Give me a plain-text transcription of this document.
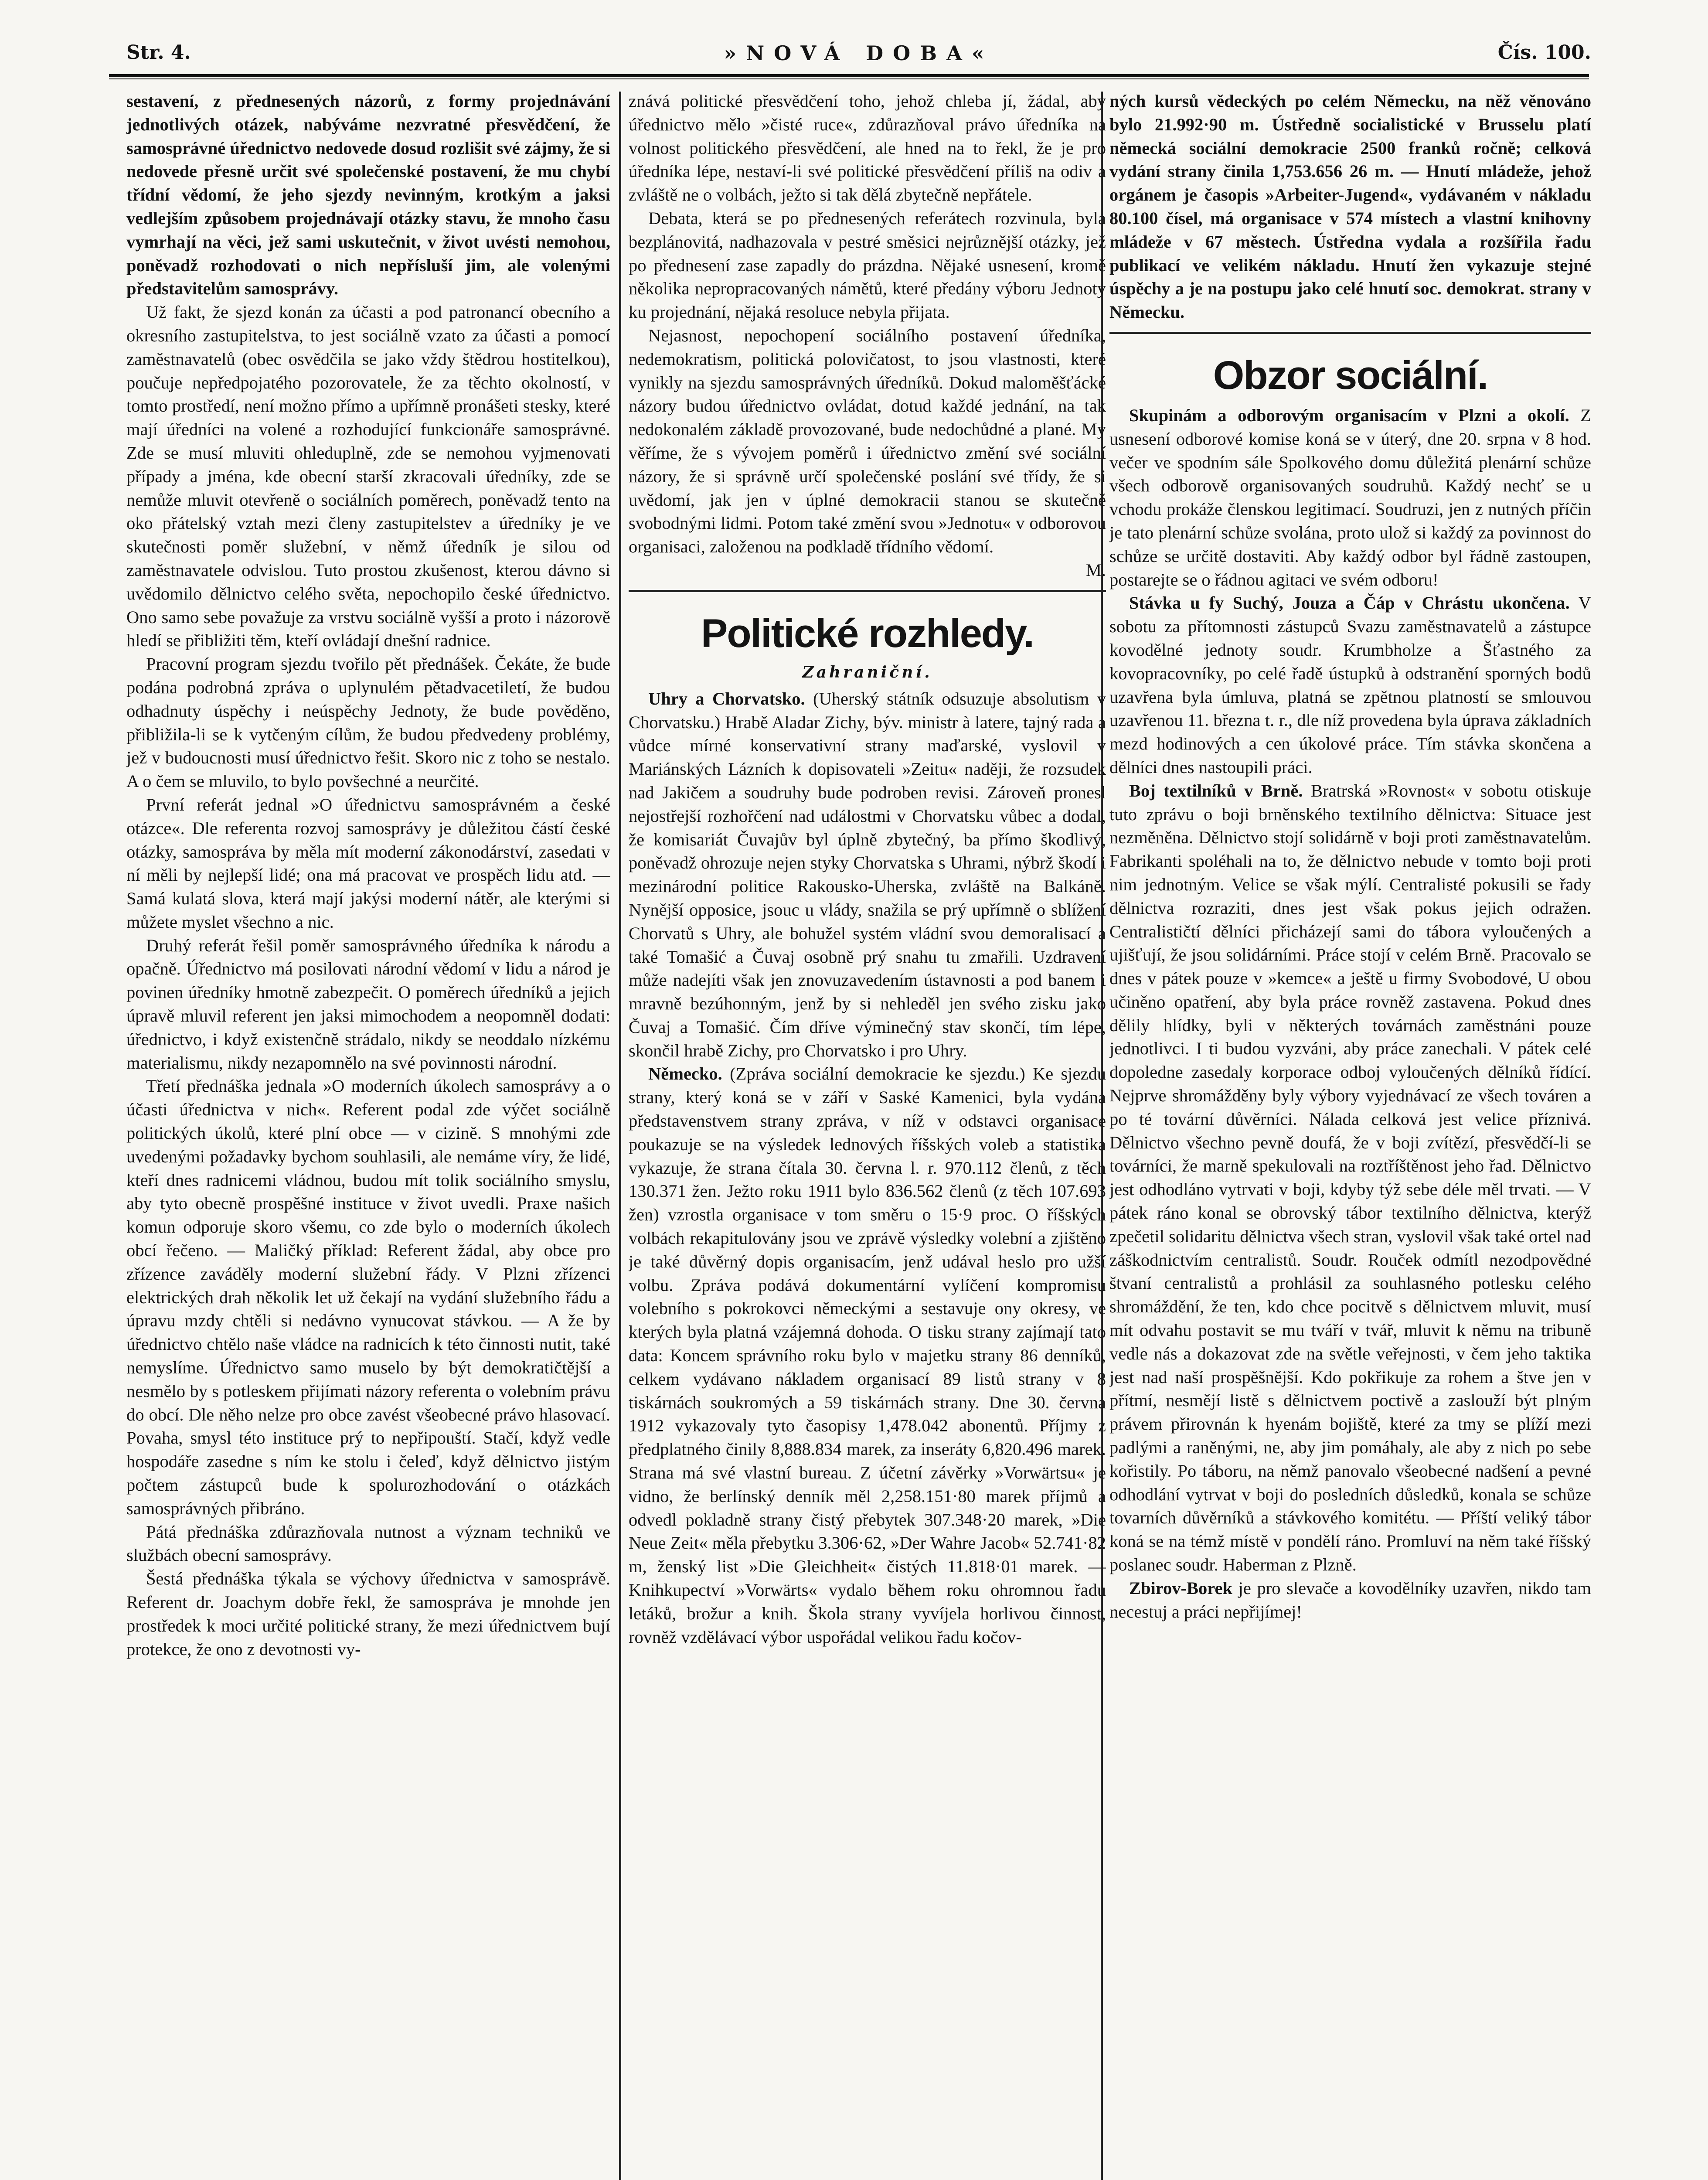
»NOVÁ DOBA«
Str. 4.	Čís. 100.

sestavení, z přednesených názorů, z formy projednávání jednotlivých otázek, nabýváme nezvratné přesvědčení, že samosprávné úřednictvo nedovede dosud rozlišit své zájmy, že si nedovede přesně určit své společenské postavení, že mu chybí třídní vědomí, že jeho sjezdy nevinným, krotkým a jaksi vedlejším způsobem projednávají otázky stavu, že mnoho času vymrhají na věci, jež sami uskutečnit, v život uvésti nemohou, poněvadž rozhodovati o nich nepřísluší jim, ale volenými představitelům samosprávy.

Už fakt, že sjezd konán za účasti a pod patronancí obecního a okresního zastupitelstva, to jest sociálně vzato za účasti a pomocí zaměstnavatelů (obec osvědčila se jako vždy štědrou hostitelkou), poučuje nepředpojatého pozorovatele, že za těchto okolností, v tomto prostředí, není možno přímo a upřímně pronášeti stesky, které mají úředníci na volené a rozhodující funkcionáře samosprávné. Zde se musí mluviti ohleduplně, zde se nemohou vyjmenovati případy a jména, kde obecní starší zkracovali úředníky, zde se nemůže mluvit otevřeně o sociálních poměrech, poněvadž tento na oko přátelský vztah mezi členy zastupitelstev a úředníky je ve skutečnosti poměr služební, v němž úředník je silou od zaměstnavatele odvislou. Tuto prostou zkušenost, kterou dávno si uvědomilo dělnictvo celého světa, nepochopilo české úřednictvo. Ono samo sebe považuje za vrstvu sociálně vyšší a proto i názorově hledí se přibližiti těm, kteří ovládají dnešní radnice.

Pracovní program sjezdu tvořilo pět přednášek. Čekáte, že bude podána podrobná zpráva o uplynulém pětadvacetiletí, že budou odhadnuty úspěchy i neúspěchy Jednoty, že bude pověděno, přibližila-li se k vytčeným cílům, že budou předvedeny problémy, jež v budoucnosti musí úřednictvo řešit. Skoro nic z toho se nestalo. A o čem se mluvilo, to bylo povšechné a neurčité.

První referát jednal »O úřednictvu samosprávném a české otázce«. Dle referenta rozvoj samosprávy je důležitou částí české otázky, samospráva by měla mít moderní zákonodárství, zasedati v ní měli by nejlepší lidé; ona má pracovat ve prospěch lidu atd. — Samá kulatá slova, která mají jakýsi moderní nátěr, ale kterými si můžete myslet všechno a nic.

Druhý referát řešil poměr samosprávného úředníka k národu a opačně. Úřednictvo má posilovati národní vědomí v lidu a národ je povinen úředníky hmotně zabezpečit. O poměrech úředníků a jejich úpravě mluvil referent jen jaksi mimochodem a neopomněl dodati: úřednictvo, i když existenčně strádalo, nikdy se neoddalo nízkému materialismu, nikdy nezapomnělo na své povinnosti národní.

Třetí přednáška jednala »O moderních úkolech samosprávy a o účasti úřednictva v nich«. Referent podal zde výčet sociálně politických úkolů, které plní obce — v cizině. S mnohými zde uvedenými požadavky bychom souhlasili, ale nemáme víry, že lidé, kteří dnes radnicemi vládnou, budou mít tolik sociálního smyslu, aby tyto obecně prospěšné instituce v život uvedli. Praxe našich komun odporuje skoro všemu, co zde bylo o moderních úkolech obcí řečeno. — Maličký příklad: Referent žádal, aby obce pro zřízence zaváděly moderní služební řády. V Plzni zřízenci elektrických drah několik let už čekají na vydání služebního řádu a úpravu mzdy chtěli si nedávno vynucovat stávkou. — A že by úřednictvo chtělo naše vládce na radnicích k této činnosti nutit, také nemyslíme. Úřednictvo samo muselo by být demokratičtější a nesmělo by s potleskem přijímati názory referenta o volebním právu do obcí. Dle něho nelze pro obce zavést všeobecné právo hlasovací. Povaha, smysl této instituce prý to nepřipouští. Stačí, když vedle hospodáře zasedne s ním ke stolu i čeleď, když dělnictvo jistým počtem zástupců bude k spolurozhodování o otázkách samosprávných přibráno.

Pátá přednáška zdůrazňovala nutnost a význam techniků ve službách obecní samosprávy.

Šestá přednáška týkala se výchovy úřednictva v samosprávě. Referent dr. Joachym dobře řekl, že samospráva je mnohde jen prostředek k moci určité politické strany, že mezi úřednictvem bují protekce, že ono z devotnosti vy-

znává politické přesvědčení toho, jehož chleba jí, žádal, aby úřednictvo mělo »čisté ruce«, zdůrazňoval právo úředníka na volnost politického přesvědčení, ale hned na to řekl, že je pro úředníka lépe, nestaví-li své politické přesvědčení příliš na odiv a zvláště ne o volbách, ježto si tak dělá zbytečně nepřátele.

Debata, která se po přednesených referátech rozvinula, byla bezplánovitá, nadhazovala v pestré směsici nejrůznější otázky, jež po přednesení zase zapadly do prázdna. Nějaké usnesení, kromě několika nepropracovaných námětů, které předány výboru Jednoty ku projednání, nějaká resoluce nebyla přijata.

Nejasnost, nepochopení sociálního postavení úředníka, nedemokratism, politická polovičatost, to jsou vlastnosti, které vynikly na sjezdu samosprávných úředníků. Dokud maloměšťácké názory budou úřednictvo ovládat, dotud každé jednání, na tak nedokonalém základě provozované, bude nedochůdné a plané. My věříme, že s vývojem poměrů i úřednictvo změní své sociální názory, že si správně určí společenské poslání své třídy, že si uvědomí, jak jen v úplné demokracii stanou se skutečně svobodnými lidmi. Potom také změní svou »Jednotu« v odborovou organisaci, založenou na podkladě třídního vědomí.

M.

Politické rozhledy.
Zahraniční.

Uhry a Chorvatsko. (Uherský státník odsuzuje absolutism v Chorvatsku.) Hrabě Aladar Zichy, býv. ministr à latere, tajný rada a vůdce mírné konservativní strany maďarské, vyslovil v Mariánských Lázních k dopisovateli »Zeitu« naději, že rozsudek nad Jakičem a soudruhy bude podroben revisi. Zároveň pronesl nejostřejší rozhořčení nad událostmi v Chorvatsku vůbec a dodal, že komisariát Čuvajův byl úplně zbytečný, ba přímo škodlivý, poněvadž ohrozuje nejen styky Chorvatska s Uhrami, nýbrž škodí i mezinárodní politice Rakousko-Uherska, zvláště na Balkáně. Nynější opposice, jsouc u vlády, snažila se prý upřímně o sblížení Chorvatů s Uhry, ale bohužel systém vládní svou demoralisací a také Tomašić a Čuvaj osobně prý snahu tu zmařili. Uzdravení může nadejíti však jen znovuzavedením ústavnosti a pod banem i mravně bezúhonným, jenž by si nehleděl jen svého zisku jako Čuvaj a Tomašić. Čím dříve výminečný stav skončí, tím lépe, skončil hrabě Zichy, pro Chorvatsko i pro Uhry.

Německo. (Zpráva sociální demokracie ke sjezdu.) Ke sjezdu strany, který koná se v září v Saské Kamenici, byla vydána představenstvem strany zpráva, v níž v odstavci organisace poukazuje se na výsledek lednových říšských voleb a statistika vykazuje, že strana čítala 30. června l. r. 970.112 členů, z těch 130.371 žen. Ježto roku 1911 bylo 836.562 členů (z těch 107.693 žen) vzrostla organisace v tom směru o 15·9 proc. O říšských volbách rekapitulovány jsou ve zprávě výsledky volební a zjištěno je také důvěrný dopis organisacím, jenž udával heslo pro užší volbu. Zpráva podává dokumentární vylíčení kompromisu volebního s pokrokovci německými a sestavuje ony okresy, ve kterých byla platná vzájemná dohoda. O tisku strany zajímají tato data: Koncem správního roku bylo v majetku strany 86 denníků, celkem vydávano nákladem organisací 89 listů strany v 8 tiskárnách soukromých a 59 tiskárnách strany. Dne 30. června 1912 vykazovaly tyto časopisy 1,478.042 abonentů. Příjmy z předplatného činily 8,888.834 marek, za inseráty 6,820.496 marek. Strana má své vlastní bureau. Z účetní závěrky »Vorwärtsu« je vidno, že berlínský denník měl 2,258.151·80 marek příjmů a odvedl pokladně strany čistý přebytek 307.348·20 marek, »Die Neue Zeit« měla přebytku 3.306·62, »Der Wahre Jacob« 52.741·82 m, ženský list »Die Gleichheit« čistých 11.818·01 marek. — Knihkupectví »Vorwärts« vydalo během roku ohromnou řadu letáků, brožur a knih. Škola strany vyvíjela horlivou činnost, rovněž vzdělávací výbor uspořádal velikou řadu kočov-

ných kursů vědeckých po celém Německu, na něž věnováno bylo 21.992·90 m. Ústředně socialistické v Brusselu platí německá sociální demokracie 2500 franků ročně; celková vydání strany činila 1,753.656 26 m. — Hnutí mládeže, jehož orgánem je časopis »Arbeiter-Jugend«, vydávaném v nákladu 80.100 čísel, má organisace v 574 místech a vlastní knihovny mládeže v 67 městech. Ústředna vydala a rozšířila řadu publikací ve velikém nákladu. Hnutí žen vykazuje stejné úspěchy a je na postupu jako celé hnutí soc. demokrat. strany v Německu.

Obzor sociální.

Skupinám a odborovým organisacím v Plzni a okolí. Z usnesení odborové komise koná se v úterý, dne 20. srpna v 8 hod. večer ve spodním sále Spolkového domu důležitá plenární schůze všech odborově organisovaných soudruhů. Každý nechť se u vchodu prokáže členskou legitimací. Soudruzi, jen z nutných příčin je tato plenární schůze svolána, proto ulož si každý za povinnost do schůze se určitě dostaviti. Aby každý odbor byl řádně zastoupen, postarejte se o řádnou agitaci ve svém odboru!

Stávka u fy Suchý, Jouza a Čáp v Chrástu ukončena. V sobotu za přítomnosti zástupců Svazu zaměstnavatelů a zástupce kovodělné jednoty soudr. Krumbholze a Šťastného za kovopracovníky, po celé řadě ústupků à odstranění sporných bodů uzavřena byla úmluva, platná se zpětnou platností se smlouvou uzavřenou 11. března t. r., dle níž provedena byla úprava základních mezd hodinových a cen úkolové práce. Tím stávka skončena a dělníci dnes nastoupili práci.

Boj textilníků v Brně. Bratrská »Rovnost« v sobotu otiskuje tuto zprávu o boji brněnského textilního dělnictva: Situace jest nezměněna. Dělnictvo stojí solidárně v boji proti zaměstnavatelům. Fabrikanti spoléhali na to, že dělnictvo nebude v tomto boji proti nim jednotným. Velice se však mýlí. Centralisté pokusili se řady dělnictva rozraziti, dnes jest však pokus jejich odražen. Centralističtí dělníci přicházejí sami do tábora vyloučených a ujišťují, že jsou solidárními. Práce stojí v celém Brně. Pracovalo se dnes v pátek pouze v »kemce« a ještě u firmy Svobodové, U obou učiněno opatření, aby byla práce rovněž zastavena. Pokud dnes dělily hlídky, byli v některých továrnách zaměstnáni pouze jednotlivci. I ti budou vyzváni, aby práce zanechali. V pátek celé dopoledne zasedaly korporace odboj vyloučených dělníků řídící. Nejprve shromážděny byly výbory vyjednávací ze všech továren a po té tovární důvěrníci. Nálada celková jest velice příznivá. Dělnictvo všechno pevně doufá, že v boji zvítězí, přesvědčí-li se továrníci, že marně spekulovali na roztříštěnost jeho řad. Dělnictvo jest odhodláno vytrvati v boji, kdyby týž sebe déle měl trvati. — V pátek ráno konal se obrovský tábor textilního dělnictva, kterýž zpečetil solidaritu dělnictva všech stran, vyslovil však také ortel nad záškodnictvím centralistů. Soudr. Rouček odmítl nezodpovědné štvaní centralistů a prohlásil za souhlasného potlesku celého shromáždění, že ten, kdo chce pocitvě s dělnictvem mluvit, musí mít odvahu postavit se mu tváří v tvář, mluvit k němu na tribuně vedle nás a dokazovat zde na světle veřejnosti, v čem jeho taktika jest nad naší prospěšnější. Kdo pokřikuje za rohem a štve jen v přítmí, nesmějí listě s dělnictvem poctivě a zaslouží být plným právem přirovnán k hyenám bojiště, které za tmy se plíží mezi padlými a raněnými, ne, aby jim pomáhaly, ale aby z nich po sebe kořistily. Po táboru, na němž panovalo všeobecné nadšení a pevné odhodlání vytrvat v boji do posledních důsledků, konala se schůze tovarních důvěrníků a stávkového komitétu. — Příští veliký tábor koná se na témž místě v pondělí ráno. Promluví na něm také říšský poslanec soudr. Haberman z Plzně.

Zbirov-Borek je pro slevače a kovodělníky uzavřen, nikdo tam necestuj a práci nepřijímej!
